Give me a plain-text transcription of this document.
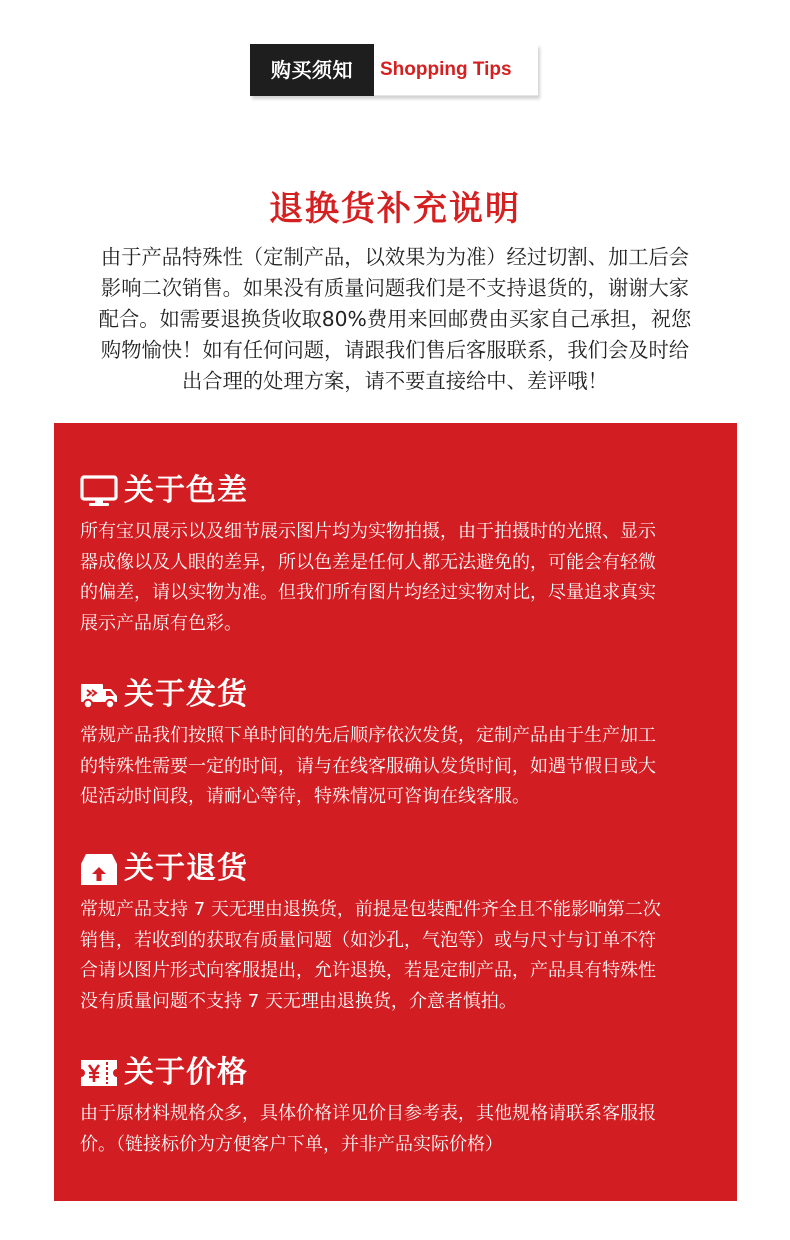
购买须知	Shopping Tips
退换货补充说明
由于产品特殊性（定制产品，以效果为为准）经过切割、加工后会
影响二次销售。如果没有质量问题我们是不支持退货的，谢谢大家
配合。如需要退换货收取80%费用来回邮费由买家自己承担，祝您
购物愉快！如有任何问题，请跟我们售后客服联系，我们会及时给
出合理的处理方案，请不要直接给中、差评哦！
关于色差
所有宝贝展示以及细节展示图片均为实物拍摄，由于拍摄时的光照、显示
器成像以及人眼的差异，所以色差是任何人都无法避免的，可能会有轻微
的偏差，请以实物为准。但我们所有图片均经过实物对比，尽量追求真实
展示产品原有色彩。
关于发货
常规产品我们按照下单时间的先后顺序依次发货，定制产品由于生产加工
的特殊性需要一定的时间，请与在线客服确认发货时间，如遇节假日或大
促活动时间段，请耐心等待，特殊情况可咨询在线客服。
关于退货
常规产品支持 7 天无理由退换货，前提是包装配件齐全且不能影响第二次
销售，若收到的获取有质量问题（如沙孔，气泡等）或与尺寸与订单不符
合请以图片形式向客服提出，允许退换，若是定制产品，产品具有特殊性
没有质量问题不支持 7 天无理由退换货，介意者慎拍。
关于价格
由于原材料规格众多，具体价格详见价目参考表，其他规格请联系客服报
价。（链接标价为方便客户下单，并非产品实际价格）
